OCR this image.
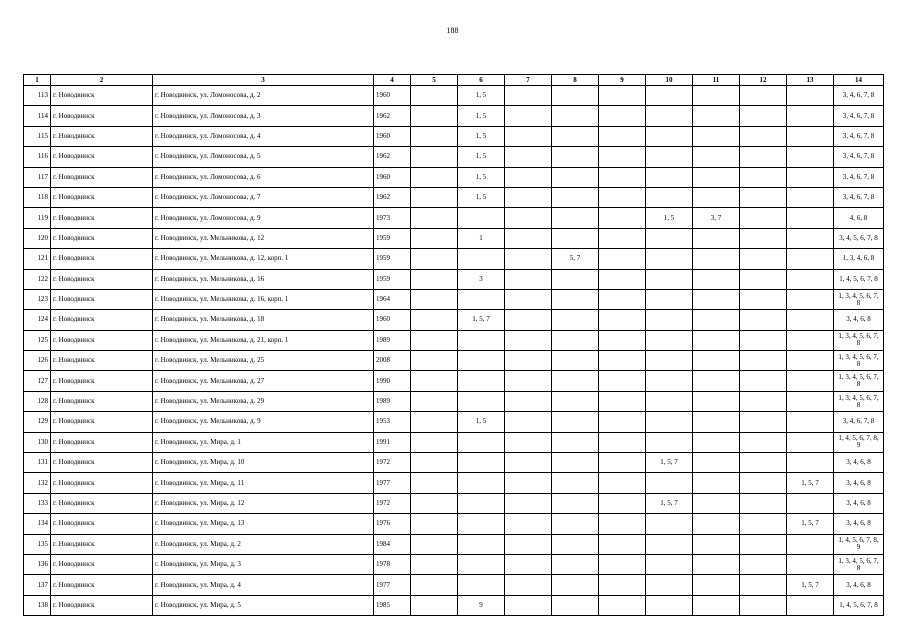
188
1	2	3	4	5	6	7	8	9	10	11	12	13	14
113	г. Новодвинск	г. Новодвинск, ул. Ломоносова, д. 2	1960		1, 5								3, 4, 6, 7, 8
114	г. Новодвинск	г. Новодвинск, ул. Ломоносова, д. 3	1962		1, 5								3, 4, 6, 7, 8
115	г. Новодвинск	г. Новодвинск, ул. Ломоносова, д. 4	1960		1, 5								3, 4, 6, 7, 8
116	г. Новодвинск	г. Новодвинск, ул. Ломоносова, д. 5	1962		1, 5								3, 4, 6, 7, 8
117	г. Новодвинск	г. Новодвинск, ул. Ломоносова, д. 6	1960		1, 5								3, 4, 6, 7, 8
118	г. Новодвинск	г. Новодвинск, ул. Ломоносова, д. 7	1962		1, 5								3, 4, 6, 7, 8
119	г. Новодвинск	г. Новодвинск, ул. Ломоносова, д. 9	1973						1, 5	3, 7			4, 6, 8
120	г. Новодвинск	г. Новодвинск, ул. Мельникова, д. 12	1959		1								3, 4, 5, 6, 7, 8
121	г. Новодвинск	г. Новодвинск, ул. Мельникова, д. 12, корп. 1	1959				5, 7						1, 3, 4, 6, 8
122	г. Новодвинск	г. Новодвинск, ул. Мельникова, д. 16	1959		3								1, 4, 5, 6, 7, 8
123	г. Новодвинск	г. Новодвинск, ул. Мельникова, д. 16, корп. 1	1964										1, 3, 4, 5, 6, 7, 8
124	г. Новодвинск	г. Новодвинск, ул. Мельникова, д. 18	1960		1, 5, 7								3, 4, 6, 8
125	г. Новодвинск	г. Новодвинск, ул. Мельникова, д. 21, корп. 1	1989										1, 3, 4, 5, 6, 7, 8
126	г. Новодвинск	г. Новодвинск, ул. Мельникова, д. 25	2008										1, 3, 4, 5, 6, 7, 8
127	г. Новодвинск	г. Новодвинск, ул. Мельникова, д. 27	1990										1, 3, 4, 5, 6, 7, 8
128	г. Новодвинск	г. Новодвинск, ул. Мельникова, д. 29	1989										1, 3, 4, 5, 6, 7, 8
129	г. Новодвинск	г. Новодвинск, ул. Мельникова, д. 9	1953		1, 5								3, 4, 6, 7, 8
130	г. Новодвинск	г. Новодвинск, ул. Мира, д. 1	1991										1, 4, 5, 6, 7, 8, 9
131	г. Новодвинск	г. Новодвинск, ул. Мира, д. 10	1972						1, 5, 7				3, 4, 6, 8
132	г. Новодвинск	г. Новодвинск, ул. Мира, д. 11	1977									1, 5, 7	3, 4, 6, 8
133	г. Новодвинск	г. Новодвинск, ул. Мира, д. 12	1972						1, 5, 7				3, 4, 6, 8
134	г. Новодвинск	г. Новодвинск, ул. Мира, д. 13	1976									1, 5, 7	3, 4, 6, 8
135	г. Новодвинск	г. Новодвинск, ул. Мира, д. 2	1984										1, 4, 5, 6, 7, 8, 9
136	г. Новодвинск	г. Новодвинск, ул. Мира, д. 3	1978										1, 3, 4, 5, 6, 7, 8
137	г. Новодвинск	г. Новодвинск, ул. Мира, д. 4	1977									1, 5, 7	3, 4, 6, 8
138	г. Новодвинск	г. Новодвинск, ул. Мира, д. 5	1985		9								1, 4, 5, 6, 7, 8
